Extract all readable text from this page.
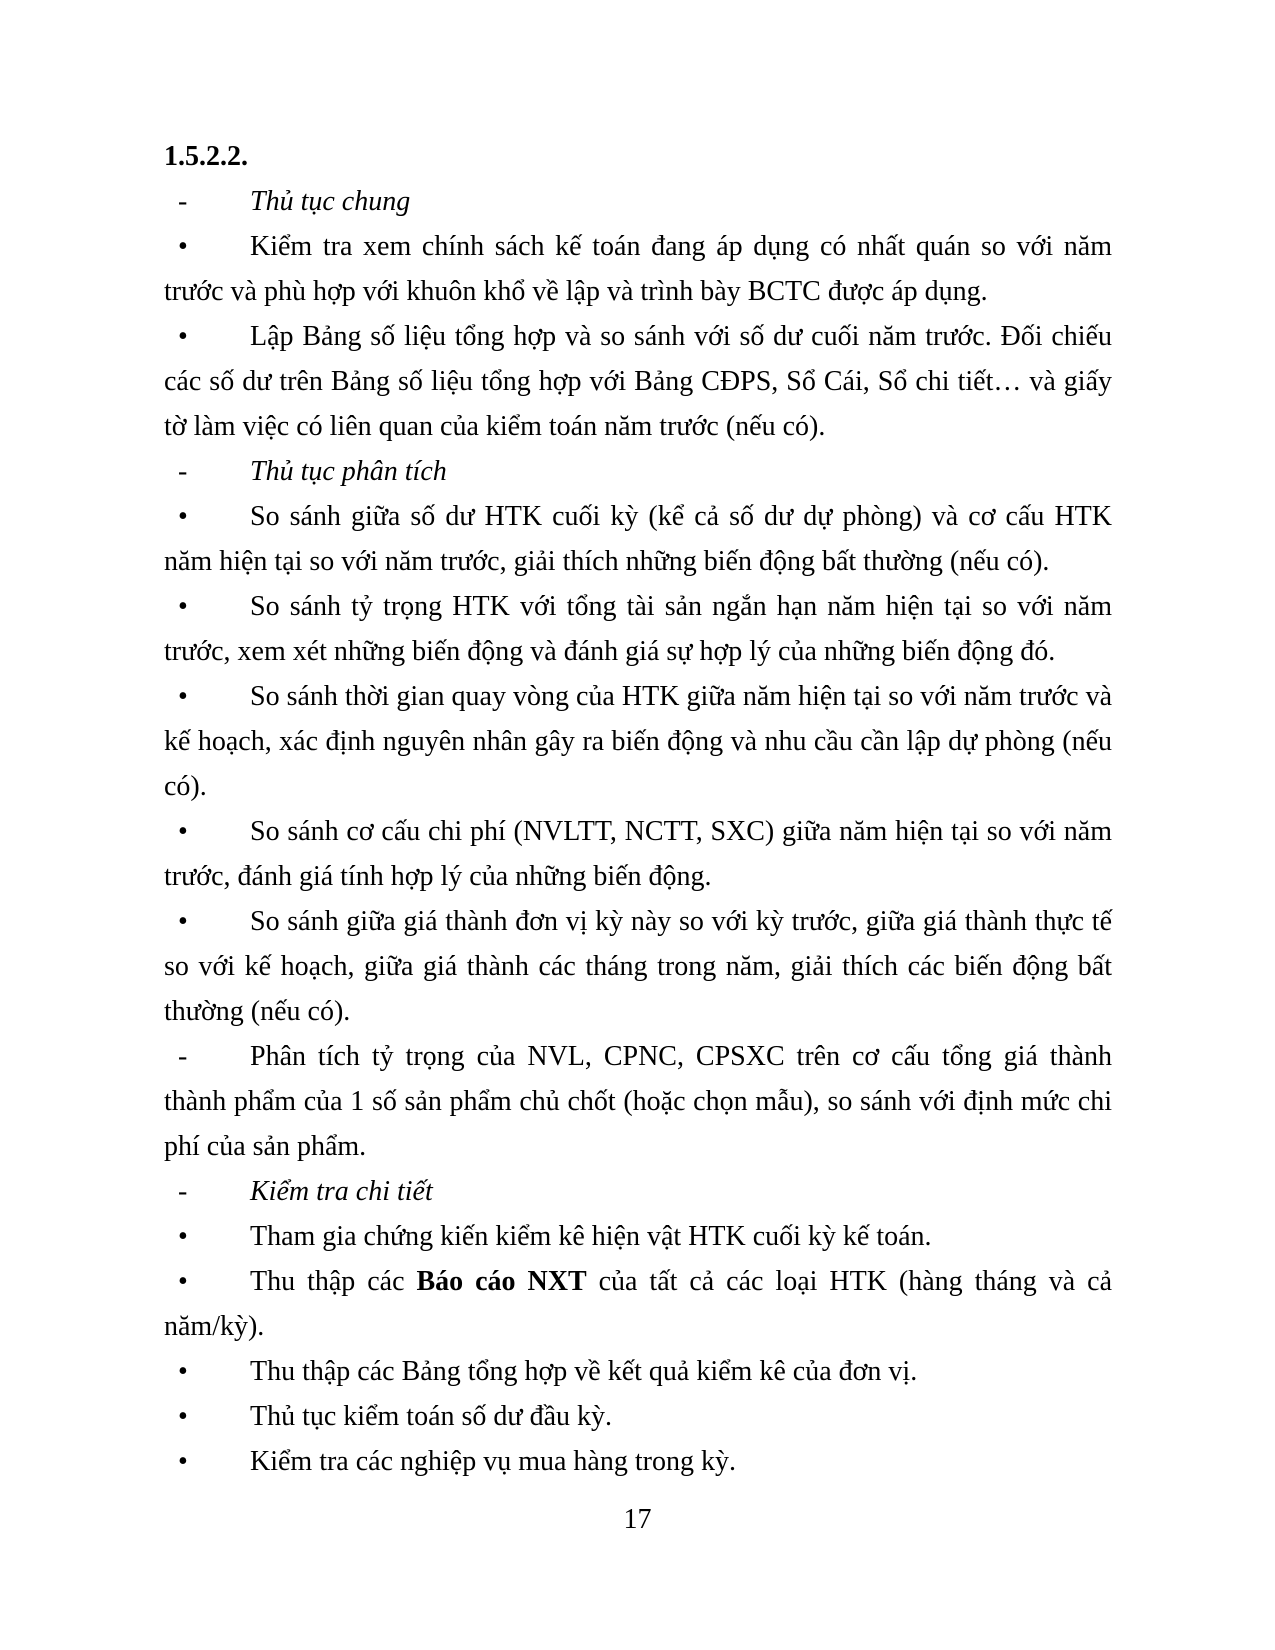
1.5.2.2.
- Thủ tục chung
• Kiểm tra xem chính sách kế toán đang áp dụng có nhất quán so với năm trước và phù hợp với khuôn khổ về lập và trình bày BCTC được áp dụng.
• Lập Bảng số liệu tổng hợp và so sánh với số dư cuối năm trước. Đối chiếu các số dư trên Bảng số liệu tổng hợp với Bảng CĐPS, Sổ Cái, Sổ chi tiết… và giấy tờ làm việc có liên quan của kiểm toán năm trước (nếu có).
- Thủ tục phân tích
• So sánh giữa số dư HTK cuối kỳ (kể cả số dư dự phòng) và cơ cấu HTK năm hiện tại so với năm trước, giải thích những biến động bất thường (nếu có).
• So sánh tỷ trọng HTK với tổng tài sản ngắn hạn năm hiện tại so với năm trước, xem xét những biến động và đánh giá sự hợp lý của những biến động đó.
• So sánh thời gian quay vòng của HTK giữa năm hiện tại so với năm trước và kế hoạch, xác định nguyên nhân gây ra biến động và nhu cầu cần lập dự phòng (nếu có).
• So sánh cơ cấu chi phí (NVLTT, NCTT, SXC) giữa năm hiện tại so với năm trước, đánh giá tính hợp lý của những biến động.
• So sánh giữa giá thành đơn vị kỳ này so với kỳ trước, giữa giá thành thực tế so với kế hoạch, giữa giá thành các tháng trong năm, giải thích các biến động bất thường (nếu có).
- Phân tích tỷ trọng của NVL, CPNC, CPSXC trên cơ cấu tổng giá thành thành phẩm của 1 số sản phẩm chủ chốt (hoặc chọn mẫu), so sánh với định mức chi phí của sản phẩm.
- Kiểm tra chi tiết
• Tham gia chứng kiến kiểm kê hiện vật HTK cuối kỳ kế toán.
• Thu thập các Báo cáo NXT của tất cả các loại HTK (hàng tháng và cả năm/kỳ).
• Thu thập các Bảng tổng hợp về kết quả kiểm kê của đơn vị.
• Thủ tục kiểm toán số dư đầu kỳ.
• Kiểm tra các nghiệp vụ mua hàng trong kỳ.
17
